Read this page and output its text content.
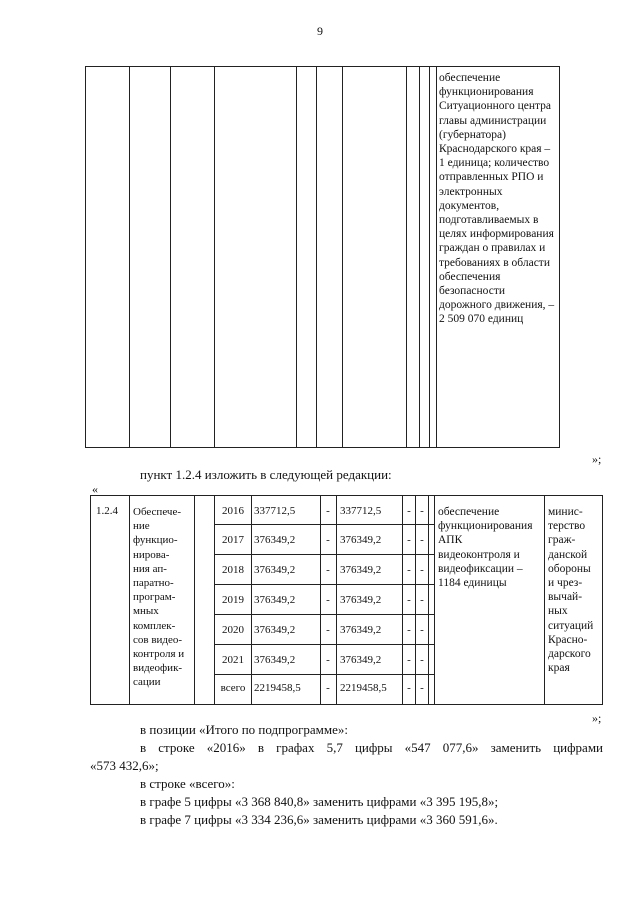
9
обеспечение функционирования Ситуационного центра главы администрации (губернатора) Краснодарского края – 1 единица; количество отправленных РПО и электронных документов, подготавливаемых в целях информирования граждан о правилах и требованиях в области обеспечения безопасности дорожного движения, – 2 509 070 единиц
»;
пункт 1.2.4 изложить в следующей редакции:
«
1.2.4 Обеспече-
ние
функцио-
нирова-
ния ап-
паратно-
програм-
мных
комплек-
сов видео-
контроля и
видеофик-
сации
2016 337712,5	- 337712,5 - -
2017 376349,2	- 376349,2 - -
2018 376349,2	- 376349,2 - -
2019 376349,2	- 376349,2 - -
2020 376349,2	- 376349,2 - -
2021 376349,2	- 376349,2 - -
всего 2219458,5 - 2219458,5 - -
обеспечение
функционирования
АПК
видеоконтроля и
видеофиксации –
1184 единицы
минис-
терство
граж-
данской
обороны
и чрез-
вычай-
ных
ситуаций
Красно-
дарского
края
»;
в позиции «Итого по подпрограмме»:
в строке «2016» в графах 5,7 цифры «547 077,6» заменить цифрами
«573 432,6»;
в строке «всего»:
в графе 5 цифры «3 368 840,8» заменить цифрами «3 395 195,8»;
в графе 7 цифры «3 334 236,6» заменить цифрами «3 360 591,6».
